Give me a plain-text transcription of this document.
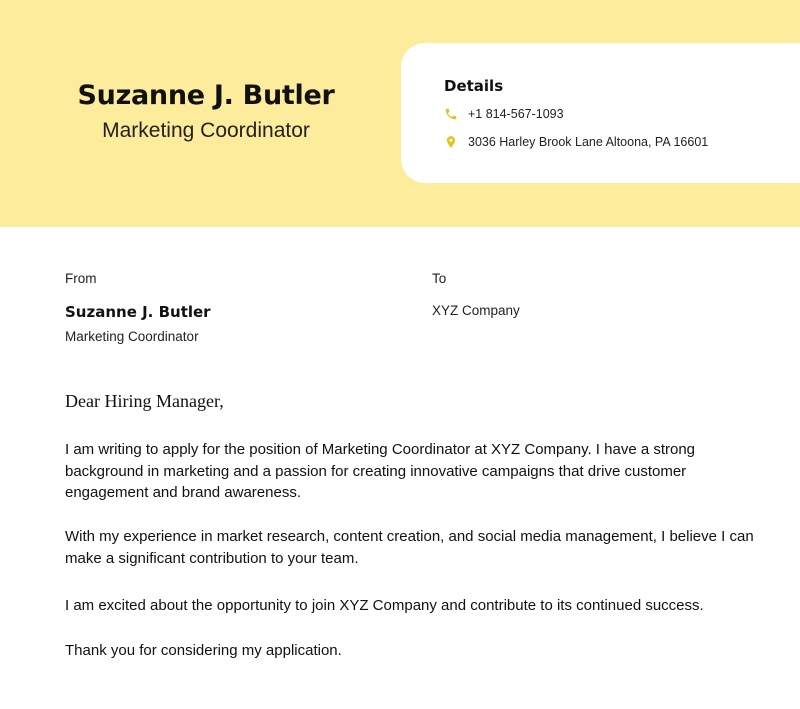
Suzanne J. Butler
Marketing Coordinator
Details
+1 814-567-1093
3036 Harley Brook Lane Altoona, PA 16601
From
Suzanne J. Butler
Marketing Coordinator
To
XYZ Company
Dear Hiring Manager,
I am writing to apply for the position of Marketing Coordinator at XYZ Company. I have a strong background in marketing and a passion for creating innovative campaigns that drive customer engagement and brand awareness.
With my experience in market research, content creation, and social media management, I believe I can make a significant contribution to your team.
I am excited about the opportunity to join XYZ Company and contribute to its continued success.
Thank you for considering my application.
